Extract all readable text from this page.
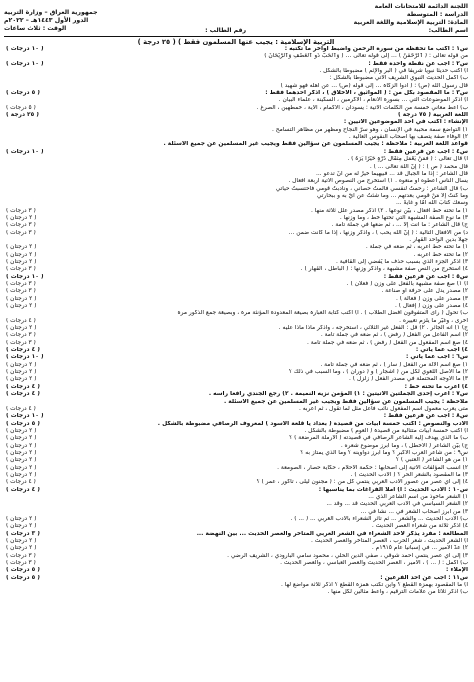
اللجنة الدائمة للامتحانات العامة
الدراسة : المتوسطة
المادة: التربية الإسلامية واللغة العربية
اسم الطالب:
رقم الطالب :
جمهورية العراق – وزارة التربية
الدور الأول ١٤٤٣هـ – ٢٠٢٢م
الوقت : ثلاث ساعات
التربية الإسلامية : يجيب عنها المسلمون فقط ) ( ٢٥ درجة )
س١ : اكتب ما تحفظه من سورة الرحمن واضبط أواخر ما تكتبه :
( ١٠ درجات )
من قوله تعالى : ( ٱلرَّحْمَٰنُ ) … إلى قوله تعالى … ( وَٱلْحَبُّ ذُو ٱلْعَصْفِ وَٱلرَّيْحَانُ )
س٢ : أجب عن نقطة واحدة فقط :
( ١٠ درجات )
أ) اكتب حديثاً نبوياً شريفاً في ( البر والإثم ) مضبوطاً بالشكل .
ب) أكمل الحديث النبوي الشريف الآتي مضبوطاً بالشكل :
قال رسول الله (ص) : ( أدوا الزكاة … إلى قوله (ص) … عن أهله فهو شهيد )
س٣ : ما المقصود بكل من : ( المواثيق ، الأخلاق ) ، اذكر أحدهما فقط :
( ٥ درجات )
أ) اذكر الموضوعات التي … بسورة الأنعام ، الأكرمين ، السكينة ، علماء البيان .
ب) أعط معاني خمسة من الكلمات الآتية : يسودان ، الأكمام ، الآية ، خمطهين ، الصرغ .
( ٥ درجات )
اللغة العربية ( ٧٥ درجة )
( ٢٥ درجة )
الإنشاء : اكتب في أحد الموضوعين الآتيين :
١) التواضع سمة محببة في الإنسان ، وهو سرّ النجاح ومظهر من مظاهر التسامح .
٢) الوفاء صفة يتصف بها أصحاب النفوس العالية .
قواعد اللغة العربية : ملاحظة : يجيب المسلمون عن سؤالين فقط ويجيب غير المسلمين عن جميع الأسئلة .
س٤ : أجب عن فرعين فقط :
( ١٠ درجات )
أ) قال تعالى : ( فَمَنْ يَعْمَلْ مِثْقَالَ ذَرَّةٍ خَيْرًا يَرَهُ ) .
قال محمد ( ص ) : ( إنَّ اللهَ تعالى ... ) .
قال الشاعر : إذا ما الجبال قد ... فبيهيما خيرٌ له من أنْ تدعو ...
يسألُ الناس أعطوه أو منعوه . ١) استخرج من النصوص الآتية أربعة أفعال .
ب) قال الشاعر : رحمتُ لنفسي فالمتُ حصاني ، ونادبتُ قومي فاحتسبتُ حياتي
وما كنتُ إلاّ مَنْ قومي بعدتهم ... وما شئتُ عن أيّ به و ببحارتي
وسعكُ كتابَ الله أمّا و غايةً ...
١) ما تحته خط أفعال ، بيّن نوعها . ٢) اذكر مصدر علل ثلاثة منها .
( ٣ درجات )
٣) ما نوع الصفة المشبهة التي تحتها خط ، وما وزنها .
( ٢ درجتان )
ج) قال الشاعر : ما أنت إلاّ ... ، ثم ضعها في جملة تامة .
( ٣ درجات )
د) من الأفعال التالية : ( إنَّ الله يحب ) ، واذكر وزنها ، إذا ما كانت ضمن ...
( ٣ درجات )
جهلاً بدين الواحد القهار .
١) ما تحته خط أعربه ، ثم ضعه في جملة .
( ٢ درجتان )
٢) ما تحته خط أعربه .
( ٢ درجتان )
٣) اذكر الجزء الذي بسبب حذف ما يُفضي إلى القافية .
( ٢ درجتان )
٤) استخرج من النص صفة مشبهة ، واذكر وزنها : ( الباطل ، القهار ) .
( ٣ درجات )
س٥ : أجب عن فرعين فقط :
( ١٠ درجات )
أ) ١) صغ صفة مشبهة بالفعل على وزن ( فعلان ) .
( ٣ درجات )
٢) مصدر يدل على حرفة أو صناعة .
( ٣ درجات )
٣) مصدر على وزن ( فعالة ) .
( ٢ درجتان )
٤) مصدر على وزن ( إفعال ) .
( ٢ درجتان )
ب) تحول ( رأى المتفوقون أفضل الطلاب ) . أ) اكتب كتابة العبارة بصيغة المعدودة المؤنثة مرة ، وبصيغة جمع الذكور مرة
أخرى ، وغيّر ما يلزم تغييره .
( ٤ درجات )
ج) ١) أنه الجائر . ٢) قل : الفعل غير الثلاثي ، استخرجه ، واذكر ماذا ماذا عليه .
( ٢ درجتان )
٢) اسم الفاعل من الفعل ( رفض ) ، ثم ضعه في جملة تامة .
( ٣ درجات )
٤) صغ اسم المفعول من الفعل ( رفض ) ، ثم ضعه في جملة تامة .
( ٣ درجات )
٤) أجب عما يأتي :
( ٤ درجات )
س٦ : أجب عما يأتي :
( ١٠ درجات )
١) صغ اسم الآلة من الفعل ( سار ) ، ثم ضعه في جملة تامة .
( ٢ درجتان )
٢) ما الأصل اللغوي لكل من ( أشجار ) و ( دوران ) ، وما السبب في ذلك ؟
( ٢ درجتان )
٣) ما الأوجه المحتملة في مصدر الفعل ( زلزل ) .
( ٢ درجتان )
٤) أعرب ما تحته خط :
( ٤ درجات )
س٧ : أعرب إحدى الجملتين الآتيتين : ١) المؤمن نزيه النميمة . ٢) رجع الجندي رافعاً رأسه .
( ٤ درجات )
ملاحظة : يجيب المسلمون عن سؤالين فقط ويجيب غير المسلمين عن جميع الأسئلة .
متى يعرب معمول اسم المفعول نائب فاعل مثل لما تقول ، ثم أعربه .
( ٤ درجات )
س٨ : أجب عن فرعين فقط :
( ١٠ درجات )
الأدب والنصوص : اكتب خمسة أبيات من قصيدة ( بغداد يا قلعة الأسود ) لمعروف الرصافي مضبوطة بالشكل .
( ٥ درجات )
أ) اكتب خمسة أبيات متتالية من قصيدة ( العوم ) مضبوطة بالشكل .
( ٢ درجتان )
ب) ما الذي يهدف إليه الشاعر الرصافي في قصيدته ( الأرملة المرضعة ) ؟
( ٢ درجتان )
ج) بيّن الشاعر ( الأخطل ) ، وما أبرز موضوع شعره .
( ٢ درجتان )
س٩ : من شاعر العرب الأكبر ؟ وما أبرز دواوينه ؟ وما الذي يمتاز به ؟
( ٢ درجتان )
١) من هو الشاعر ( العتبي ) ؟
( ٢ درجتان )
٢) انسب المؤلفات الآتية إلى أصحابها : حكمة الأحلام ، حكاية حصار ، الصومعة .
( ٢ درجتان )
٣) ما المقصود بالشعر الحر ؟ ( الأدب الحديث ) .
( ٢ درجتان )
٤) إلى أي عصر من عصور الأدب العربي ينتمي كل من : ( مجنون ليلى ، تاكور ، عمر ) ؟
( ٤ درجات )
س١٠ : الأدب الحديث : أ) املأ الفراغات بما يناسبها :
( ٤ درجات )
١) الشعر مأخوذ من اسم الشاعر الذي ...
٢) الشعر السياسي في الأدب العربي الحديث قد ... وقد ...
٣) من أبرز أصحاب الشعر في ... نشأ في ...
ب) الأدب الحديث ... والشعر ... ثم تأثر الشعراء بالأدب الغربي ... ( ... ) .
( ٢ درجتان )
٤) اذكر ثلاثة من شعراء العصر الحديث .
( ٢ درجتان )
المطالعة : مفرد يذكر لأحد الشعراء في الشعر العربي المتأخر والعصر الحديث ... بين النهضة ...
( ٣ درجات )
أ) الشعر الحديث ، شعر الحرب ، العصر المتأخر والعصر الحديث .
( ٢ درجتان )
٢) عدّ الأمير ... في إسبانيا عام ١٩١٥م .
( ٢ درجتان )
٣) إلى أي عصر ينتمي أحمد شوقي ، صفي الدين الحلي ، محمود سامي البارودي ، الشريف الرضي .
( ٣ درجات )
ب) أكمل : ( ... ) ، الأمير ، العصر الحديث والعصر العباسي ، والعصر الحديث .
( ٣ درجات )
الإملاء :
( ٥ درجات )
س١١ : أجب عن أحد الفرعين :
( ٥ درجات )
أ) ما المقصود بهمزة القطع ؟ وأين تكتب همزة القطع ؟ اذكر ثلاثة مواضع لها .
ب) اذكر ثلاثاً من علامات الترقيم ، وأعط مثالين لكل منها .
